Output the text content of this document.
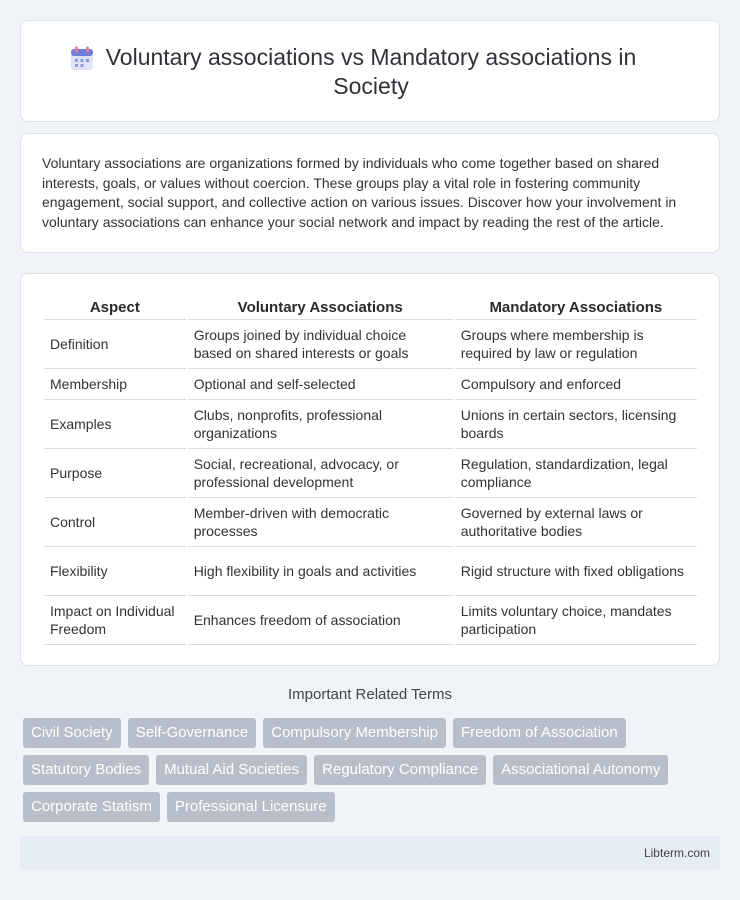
Voluntary associations vs Mandatory associations in Society

Voluntary associations are organizations formed by individuals who come together based on shared interests, goals, or values without coercion. These groups play a vital role in fostering community engagement, social support, and collective action on various issues. Discover how your involvement in voluntary associations can enhance your social network and impact by reading the rest of the article.

Aspect	Voluntary Associations	Mandatory Associations
Definition	Groups joined by individual choice based on shared interests or goals	Groups where membership is required by law or regulation
Membership	Optional and self-selected	Compulsory and enforced
Examples	Clubs, nonprofits, professional organizations	Unions in certain sectors, licensing boards
Purpose	Social, recreational, advocacy, or professional development	Regulation, standardization, legal compliance
Control	Member-driven with democratic processes	Governed by external laws or authoritative bodies
Flexibility	High flexibility in goals and activities	Rigid structure with fixed obligations
Impact on Individual Freedom	Enhances freedom of association	Limits voluntary choice, mandates participation
Important Related Terms
Civil Society	Self-Governance	Compulsory Membership	Freedom of Association
Statutory Bodies	Mutual Aid Societies	Regulatory Compliance	Associational Autonomy
Corporate Statism	Professional Licensure
Libterm.com
